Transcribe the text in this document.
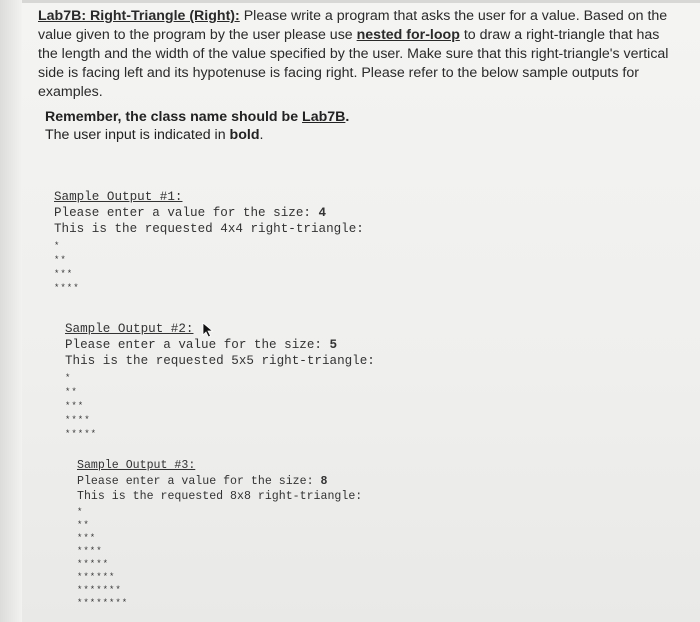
Lab7B: Right-Triangle (Right): Please write a program that asks the user for a value. Based on the value given to the program by the user please use nested for-loop to draw a right-triangle that has the length and the width of the value specified by the user. Make sure that this right-triangle's vertical side is facing left and its hypotenuse is facing right. Please refer to the below sample outputs for examples.
Remember, the class name should be Lab7B.
The user input is indicated in bold.
Sample Output #1:
Please enter a value for the size: 4
This is the requested 4x4 right-triangle:
*
**
***
****
Sample Output #2:
Please enter a value for the size: 5
This is the requested 5x5 right-triangle:
*
**
***
****
*****
Sample Output #3:
Please enter a value for the size: 8
This is the requested 8x8 right-triangle:
*
**
***
****
*****
******
*******
********
